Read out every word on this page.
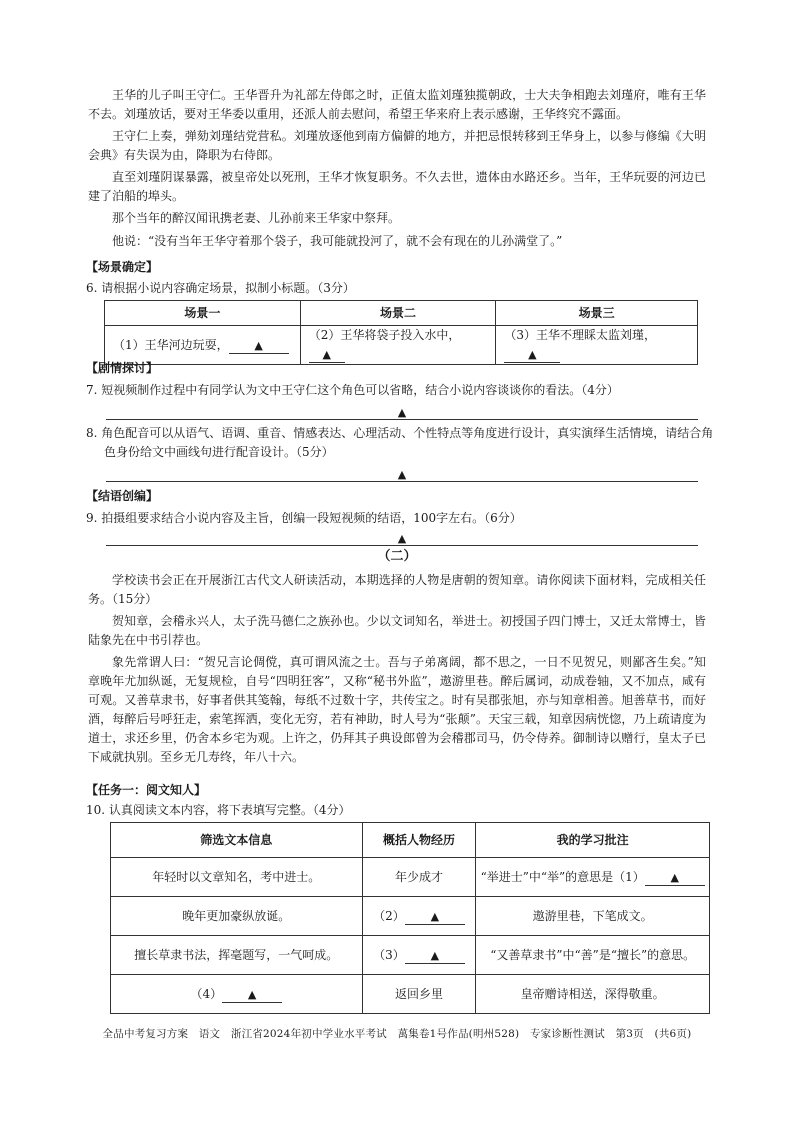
王华的儿子叫王守仁。王华晋升为礼部左侍郎之时，正值太监刘瑾独揽朝政，士大夫争相跑去刘瑾府，唯有王华不去。刘瑾放话，要对王华委以重用，还派人前去慰问，希望王华来府上表示感谢，王华终究不露面。

王守仁上奏，弹劾刘瑾结党营私。刘瑾放逐他到南方偏僻的地方，并把忌恨转移到王华身上，以参与修编《大明会典》有失误为由，降职为右侍郎。

直至刘瑾阴谋暴露，被皇帝处以死刑，王华才恢复职务。不久去世，遗体由水路还乡。当年，王华玩耍的河边已建了泊船的埠头。

那个当年的醉汉闻讯携老妻、儿孙前来王华家中祭拜。

他说：“没有当年王华守着那个袋子，我可能就投河了，就不会有现在的儿孙满堂了。”

【场景确定】

6. 请根据小说内容确定场景，拟制小标题。（3分）

场景一	场景二	场景三
（1）王华河边玩耍， ▲	（2）王华将袋子投入水中，▲	（3）王华不理睬太监刘瑾，▲
【剧情探讨】

7. 短视频制作过程中有同学认为文中王守仁这个角色可以省略，结合小说内容谈谈你的看法。（4分）

▲

8. 角色配音可以从语气、语调、重音、情感表达、心理活动、个性特点等角度进行设计，真实演绎生活情境，请结合角色身份给文中画线句进行配音设计。（5分）

▲
【结语创编】

9. 拍摄组要求结合小说内容及主旨，创编一段短视频的结语，100字左右。（6分）

▲
（二）

学校读书会正在开展浙江古代文人研读活动，本期选择的人物是唐朝的贺知章。请你阅读下面材料，完成相关任务。（15分）

贺知章，会稽永兴人，太子洗马德仁之族孙也。少以文词知名，举进士。初授国子四门博士，又迁太常博士，皆陆象先在中书引荐也。

象先常谓人曰：“贺兄言论倜傥，真可谓风流之士。吾与子弟离阔，都不思之，一日不见贺兄，则鄙吝生矣。”知章晚年尤加纵诞，无复规检，自号“四明狂客”，又称“秘书外监”，遨游里巷。醉后属词，动成卷轴，又不加点，咸有可观。又善草隶书，好事者供其笺翰，每纸不过数十字，共传宝之。时有吴郡张旭，亦与知章相善。旭善草书，而好酒，每醉后号呼狂走，索笔挥洒，变化无穷，若有神助，时人号为“张颠”。天宝三载，知章因病恍惚，乃上疏请度为道士，求还乡里，仍舍本乡宅为观。上许之，仍拜其子典设郎曾为会稽郡司马，仍令侍养。御制诗以赠行，皇太子已下咸就执别。至乡无几寿终，年八十六。

【任务一：阅文知人】

10. 认真阅读文本内容，将下表填写完整。（4分）

筛选文本信息	概括人物经历	我的学习批注
年轻时以文章知名，考中进士。	年少成才	“举进士”中“举”的意思是（1） ▲
晚年更加豪纵放诞。	（2） ▲	遨游里巷，下笔成文。
擅长草隶书法，挥毫题写，一气呵成。	（3） ▲	“又善草隶书”中“善”是“擅长”的意思。
（4） ▲	返回乡里	皇帝赠诗相送，深得敬重。
全品中考复习方案　语文　浙江省2024年初中学业水平考试　萬集卷1号作品(明州528)　专家诊断性测试　第3页　(共6页)
